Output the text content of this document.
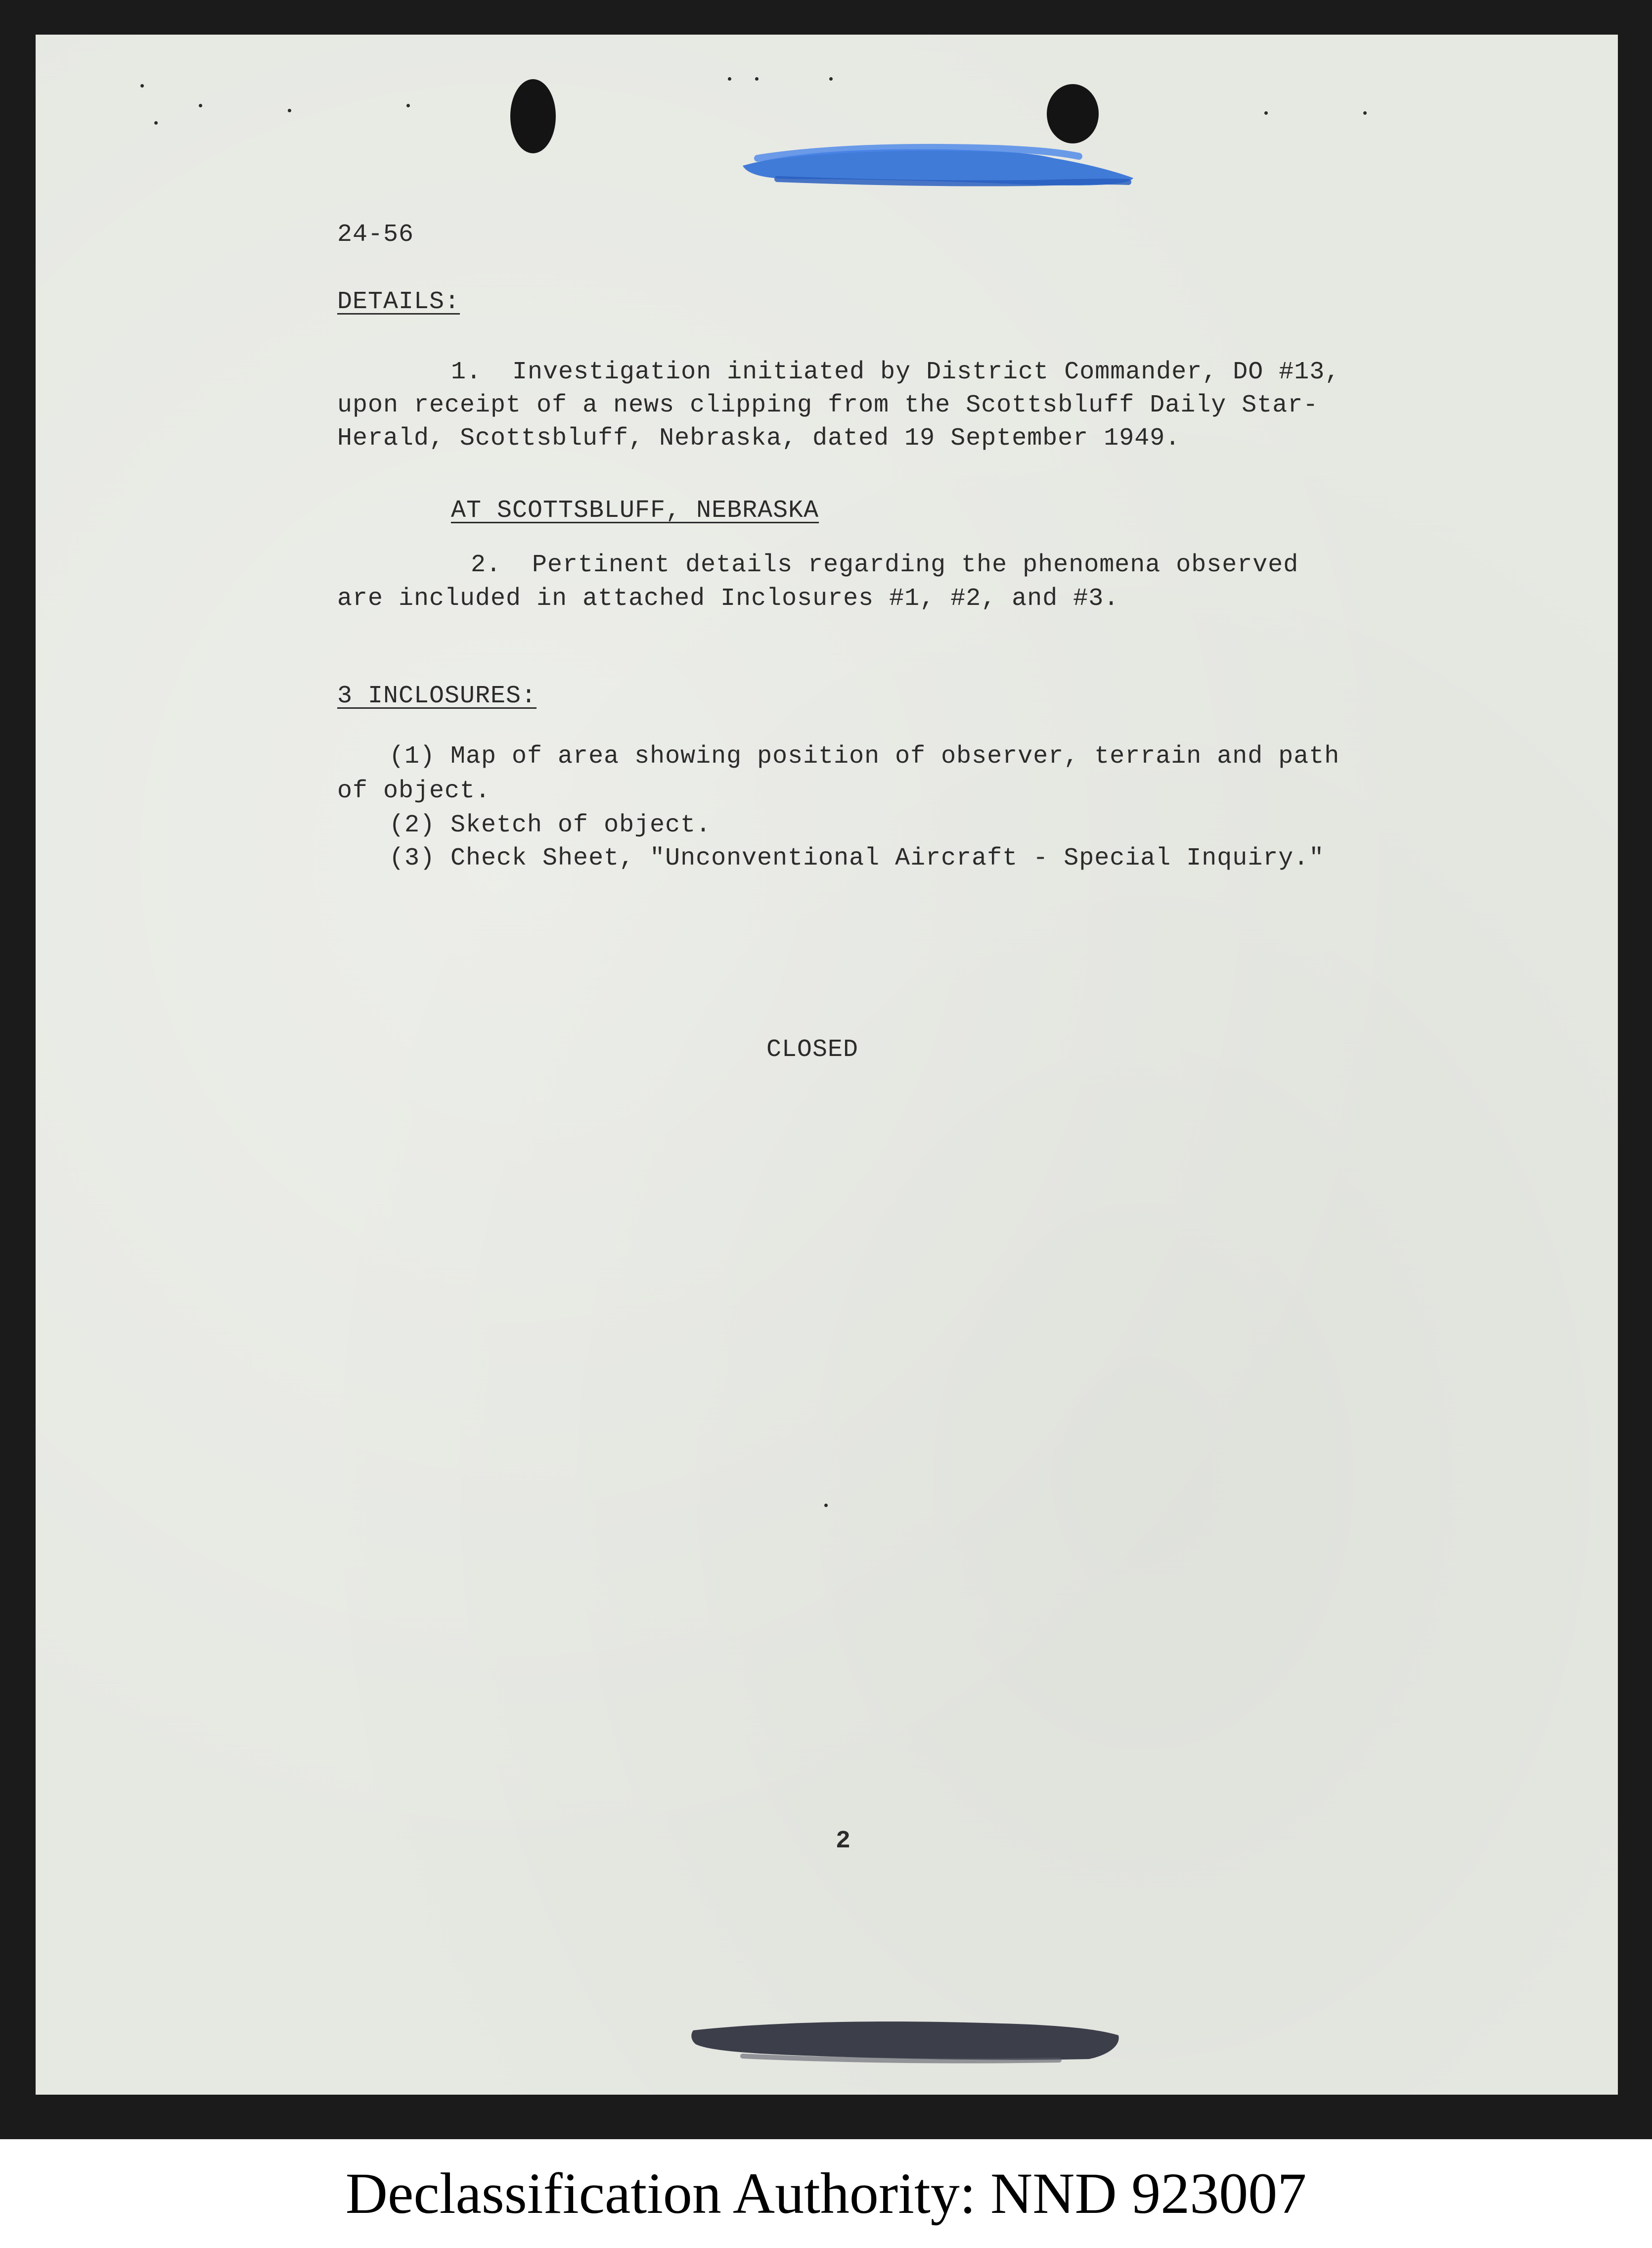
24-56

DETAILS:

1.  Investigation initiated by District Commander, DO #13,

upon receipt of a news clipping from the Scottsbluff Daily Star-

Herald, Scottsbluff, Nebraska, dated 19 September 1949.

AT SCOTTSBLUFF, NEBRASKA

2.  Pertinent details regarding the phenomena observed

are included in attached Inclosures #1, #2, and #3.

3 INCLOSURES:

(1) Map of area showing position of observer, terrain and path

of object.

(2) Sketch of object.

(3) Check Sheet, "Unconventional Aircraft - Special Inquiry."

CLOSED

2

Declassification Authority: NND 923007
